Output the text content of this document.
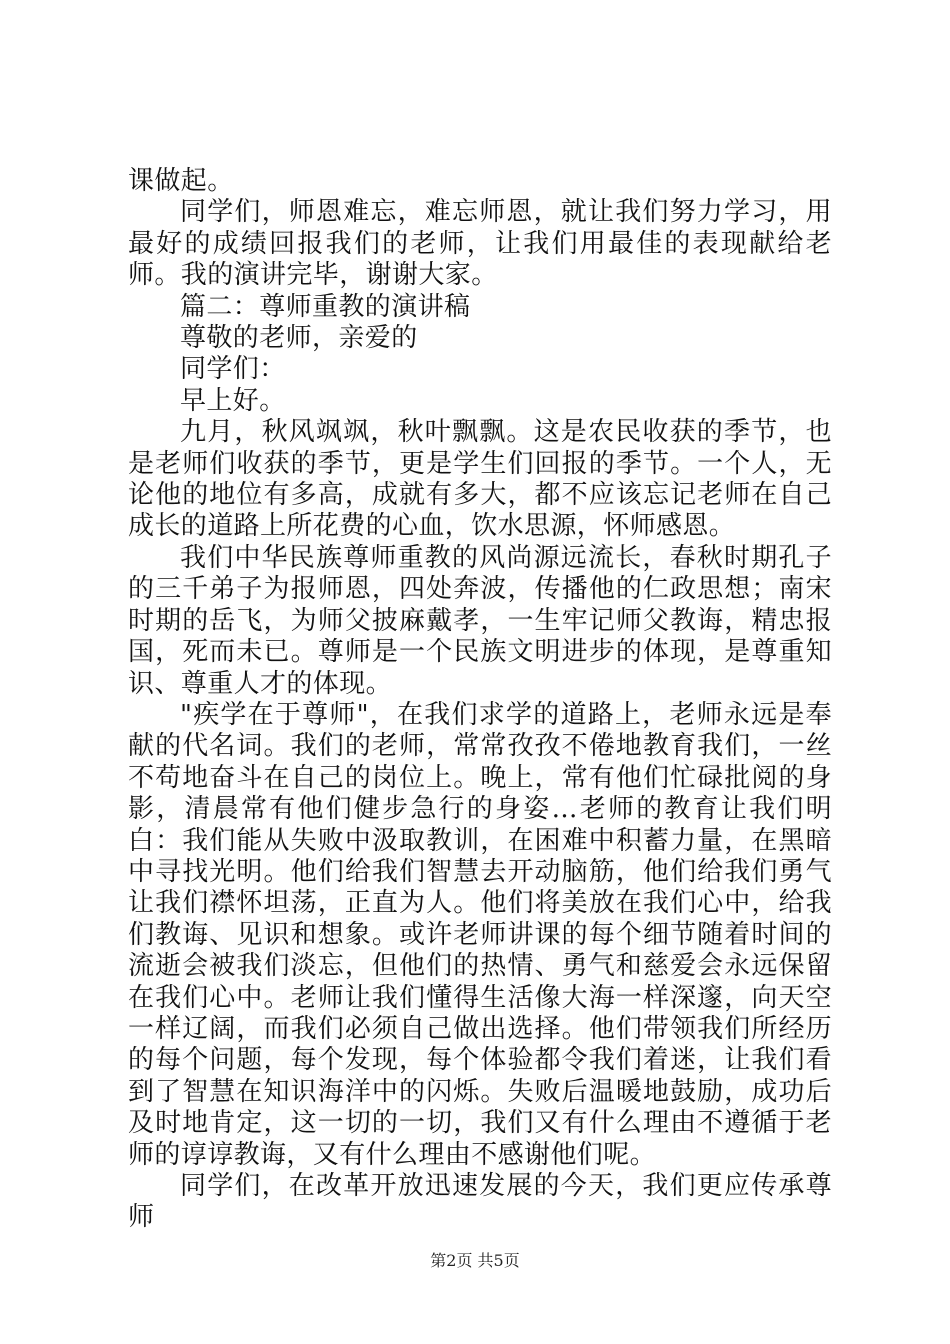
课做起。

同学们，师恩难忘，难忘师恩，就让我们努力学习，用最好的成绩回报我们的老师，让我们用最佳的表现献给老师。我的演讲完毕，谢谢大家。

篇二：尊师重教的演讲稿

尊敬的老师，亲爱的

同学们：

早上好。

九月，秋风飒飒，秋叶飘飘。这是农民收获的季节，也是老师们收获的季节，更是学生们回报的季节。一个人，无论他的地位有多高，成就有多大，都不应该忘记老师在自己成长的道路上所花费的心血，饮水思源，怀师感恩。

我们中华民族尊师重教的风尚源远流长，春秋时期孔子的三千弟子为报师恩，四处奔波，传播他的仁政思想；南宋时期的岳飞，为师父披麻戴孝，一生牢记师父教诲，精忠报国，死而未已。尊师是一个民族文明进步的体现，是尊重知识、尊重人才的体现。

"疾学在于尊师"，在我们求学的道路上，老师永远是奉献的代名词。我们的老师，常常孜孜不倦地教育我们，一丝不苟地奋斗在自己的岗位上。晚上，常有他们忙碌批阅的身影，清晨常有他们健步急行的身姿…老师的教育让我们明白：我们能从失败中汲取教训，在困难中积蓄力量，在黑暗中寻找光明。他们给我们智慧去开动脑筋，他们给我们勇气让我们襟怀坦荡，正直为人。他们将美放在我们心中，给我们教诲、见识和想象。或许老师讲课的每个细节随着时间的流逝会被我们淡忘，但他们的热情、勇气和慈爱会永远保留在我们心中。老师让我们懂得生活像大海一样深邃，向天空一样辽阔，而我们必须自己做出选择。他们带领我们所经历的每个问题，每个发现，每个体验都令我们着迷，让我们看到了智慧在知识海洋中的闪烁。失败后温暖地鼓励，成功后及时地肯定，这一切的一切，我们又有什么理由不遵循于老师的谆谆教诲，又有什么理由不感谢他们呢。

同学们，在改革开放迅速发展的今天，我们更应传承尊师

第2页 共5页
